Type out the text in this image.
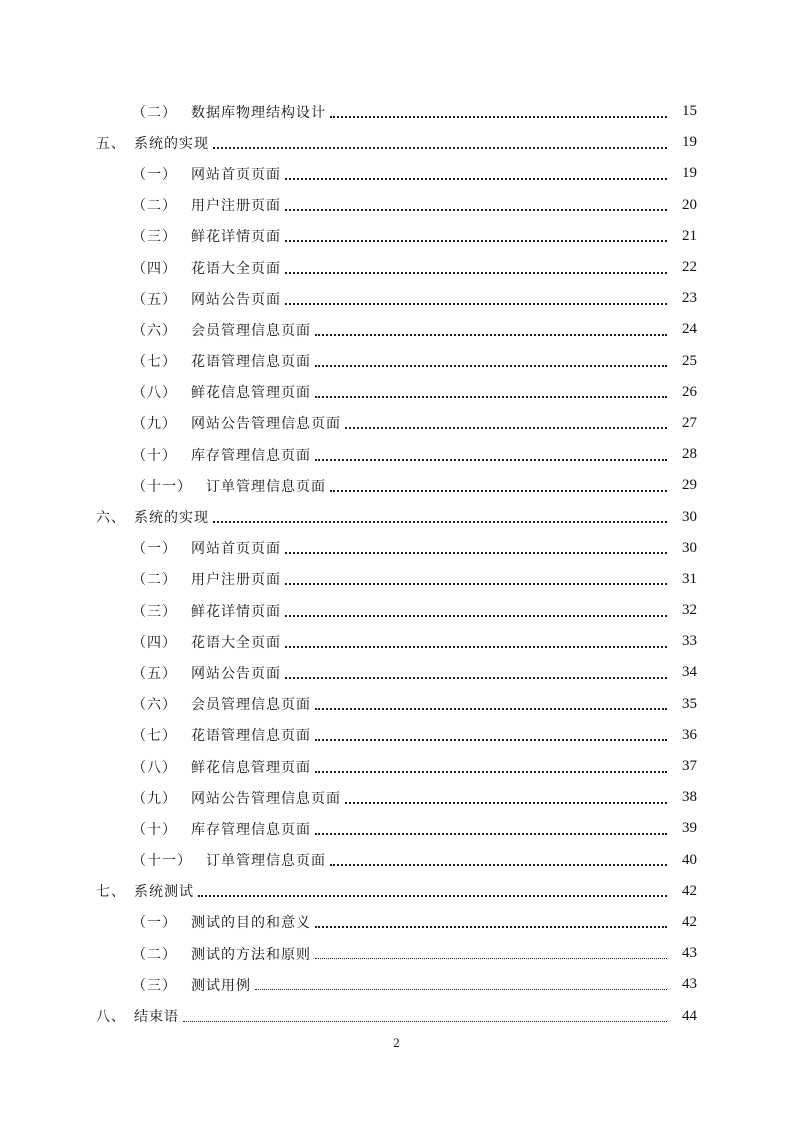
（二） 数据库物理结构设计	15
五、 系统的实现	19
（一） 网站首页页面	19
（二） 用户注册页面	20
（三） 鲜花详情页面	21
（四） 花语大全页面	22
（五） 网站公告页面	23
（六） 会员管理信息页面	24
（七） 花语管理信息页面	25
（八） 鲜花信息管理页面	26
（九） 网站公告管理信息页面	27
（十） 库存管理信息页面	28
（十一） 订单管理信息页面	29
六、 系统的实现	30
（一） 网站首页页面	30
（二） 用户注册页面	31
（三） 鲜花详情页面	32
（四） 花语大全页面	33
（五） 网站公告页面	34
（六） 会员管理信息页面	35
（七） 花语管理信息页面	36
（八） 鲜花信息管理页面	37
（九） 网站公告管理信息页面	38
（十） 库存管理信息页面	39
（十一） 订单管理信息页面	40
七、 系统测试	42
（一） 测试的目的和意义	42
（二） 测试的方法和原则	43
（三） 测试用例	43
八、 结束语	44
2
